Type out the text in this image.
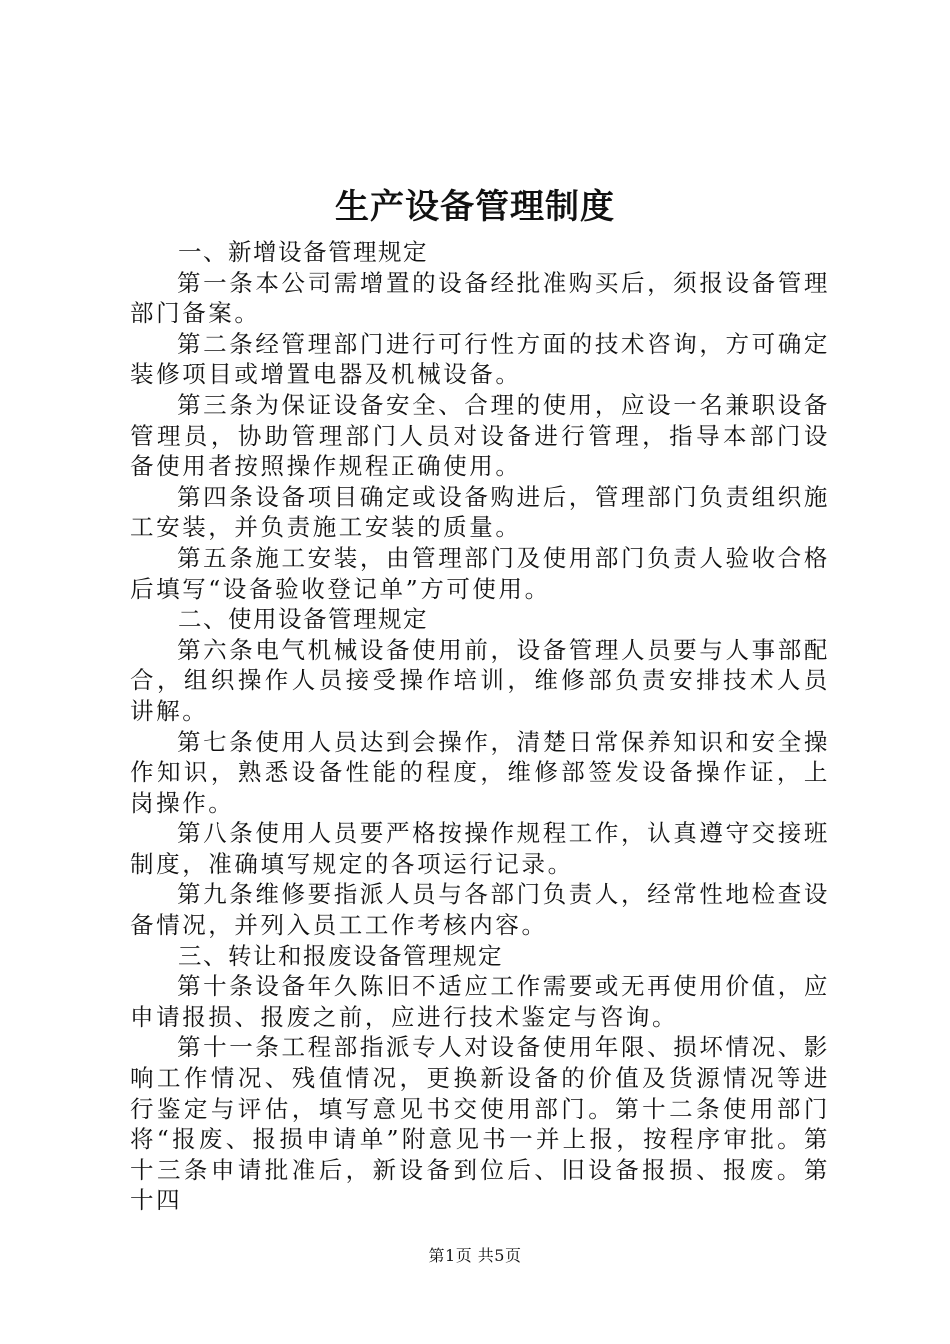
生产设备管理制度

一、新增设备管理规定

第一条本公司需增置的设备经批准购买后，须报设备管理部门备案。

第二条经管理部门进行可行性方面的技术咨询，方可确定装修项目或增置电器及机械设备。

第三条为保证设备安全、合理的使用，应设一名兼职设备管理员，协助管理部门人员对设备进行管理，指导本部门设备使用者按照操作规程正确使用。

第四条设备项目确定或设备购进后，管理部门负责组织施工安装，并负责施工安装的质量。

第五条施工安装，由管理部门及使用部门负责人验收合格后填写“设备验收登记单”方可使用。

二、使用设备管理规定

第六条电气机械设备使用前，设备管理人员要与人事部配合，组织操作人员接受操作培训，维修部负责安排技术人员讲解。

第七条使用人员达到会操作，清楚日常保养知识和安全操作知识，熟悉设备性能的程度，维修部签发设备操作证，上岗操作。

第八条使用人员要严格按操作规程工作，认真遵守交接班制度，准确填写规定的各项运行记录。

第九条维修要指派人员与各部门负责人，经常性地检查设备情况，并列入员工工作考核内容。

三、转让和报废设备管理规定

第十条设备年久陈旧不适应工作需要或无再使用价值，应申请报损、报废之前，应进行技术鉴定与咨询。

第十一条工程部指派专人对设备使用年限、损坏情况、影响工作情况、残值情况，更换新设备的价值及货源情况等进行鉴定与评估，填写意见书交使用部门。第十二条使用部门将“报废、报损申请单”附意见书一并上报，按程序审批。第十三条申请批准后，新设备到位后、旧设备报损、报废。第十四

第1页 共5页
